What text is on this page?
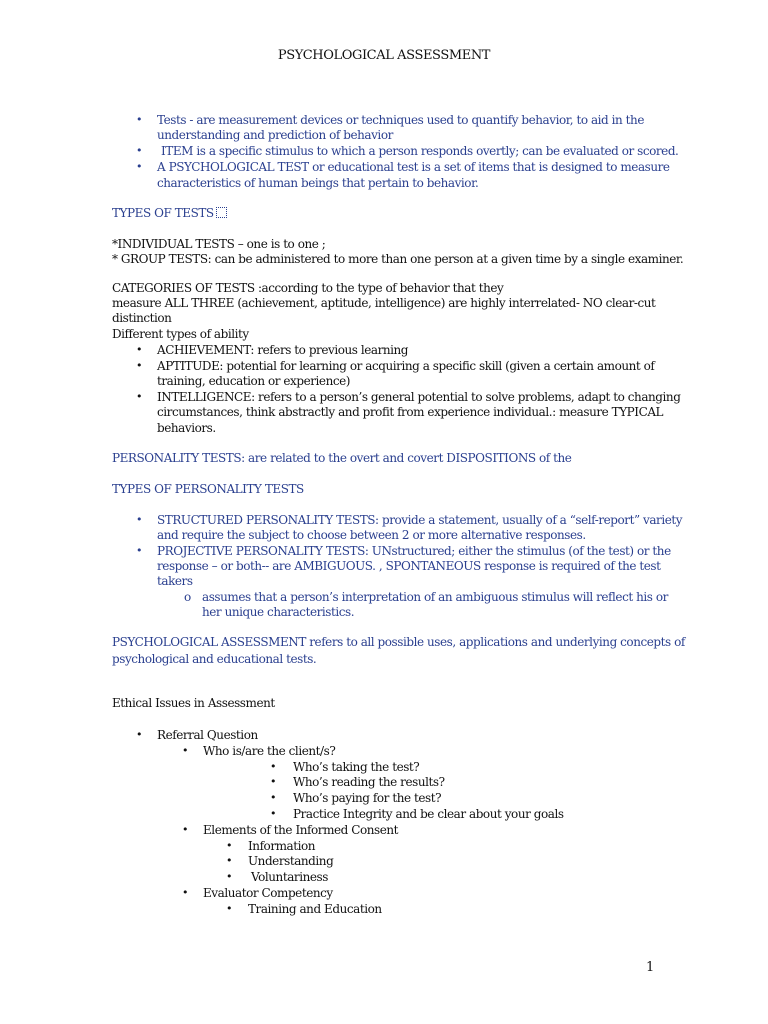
PSYCHOLOGICAL ASSESSMENT
• Tests - are measurement devices or techniques used to quantify behavior, to aid in the
understanding and prediction of behavior
• ITEM is a specific stimulus to which a person responds overtly; can be evaluated or scored.
• A PSYCHOLOGICAL TEST or educational test is a set of items that is designed to measure
characteristics of human beings that pertain to behavior.
TYPES OF TESTS
*INDIVIDUAL TESTS – one is to one ;
* GROUP TESTS: can be administered to more than one person at a given time by a single examiner.
CATEGORIES OF TESTS :according to the type of behavior that they
measure ALL THREE (achievement, aptitude, intelligence) are highly interrelated- NO clear-cut
distinction
Different types of ability
• ACHIEVEMENT: refers to previous learning
• APTITUDE: potential for learning or acquiring a specific skill (given a certain amount of
training, education or experience)
• INTELLIGENCE: refers to a person’s general potential to solve problems, adapt to changing
circumstances, think abstractly and profit from experience individual.: measure TYPICAL
behaviors.
PERSONALITY TESTS: are related to the overt and covert DISPOSITIONS of the
TYPES OF PERSONALITY TESTS
• STRUCTURED PERSONALITY TESTS: provide a statement, usually of a “self-report” variety
and require the subject to choose between 2 or more alternative responses.
• PROJECTIVE PERSONALITY TESTS: UNstructured; either the stimulus (of the test) or the
response – or both-- are AMBIGUOUS. , SPONTANEOUS response is required of the test
takers
o assumes that a person’s interpretation of an ambiguous stimulus will reflect his or
her unique characteristics.
PSYCHOLOGICAL ASSESSMENT refers to all possible uses, applications and underlying concepts of
psychological and educational tests.
Ethical Issues in Assessment
• Referral Question
• Who is/are the client/s?
• Who’s taking the test?
• Who’s reading the results?
• Who’s paying for the test?
• Practice Integrity and be clear about your goals
• Elements of the Informed Consent
• Information
• Understanding
• Voluntariness
• Evaluator Competency
• Training and Education
1
